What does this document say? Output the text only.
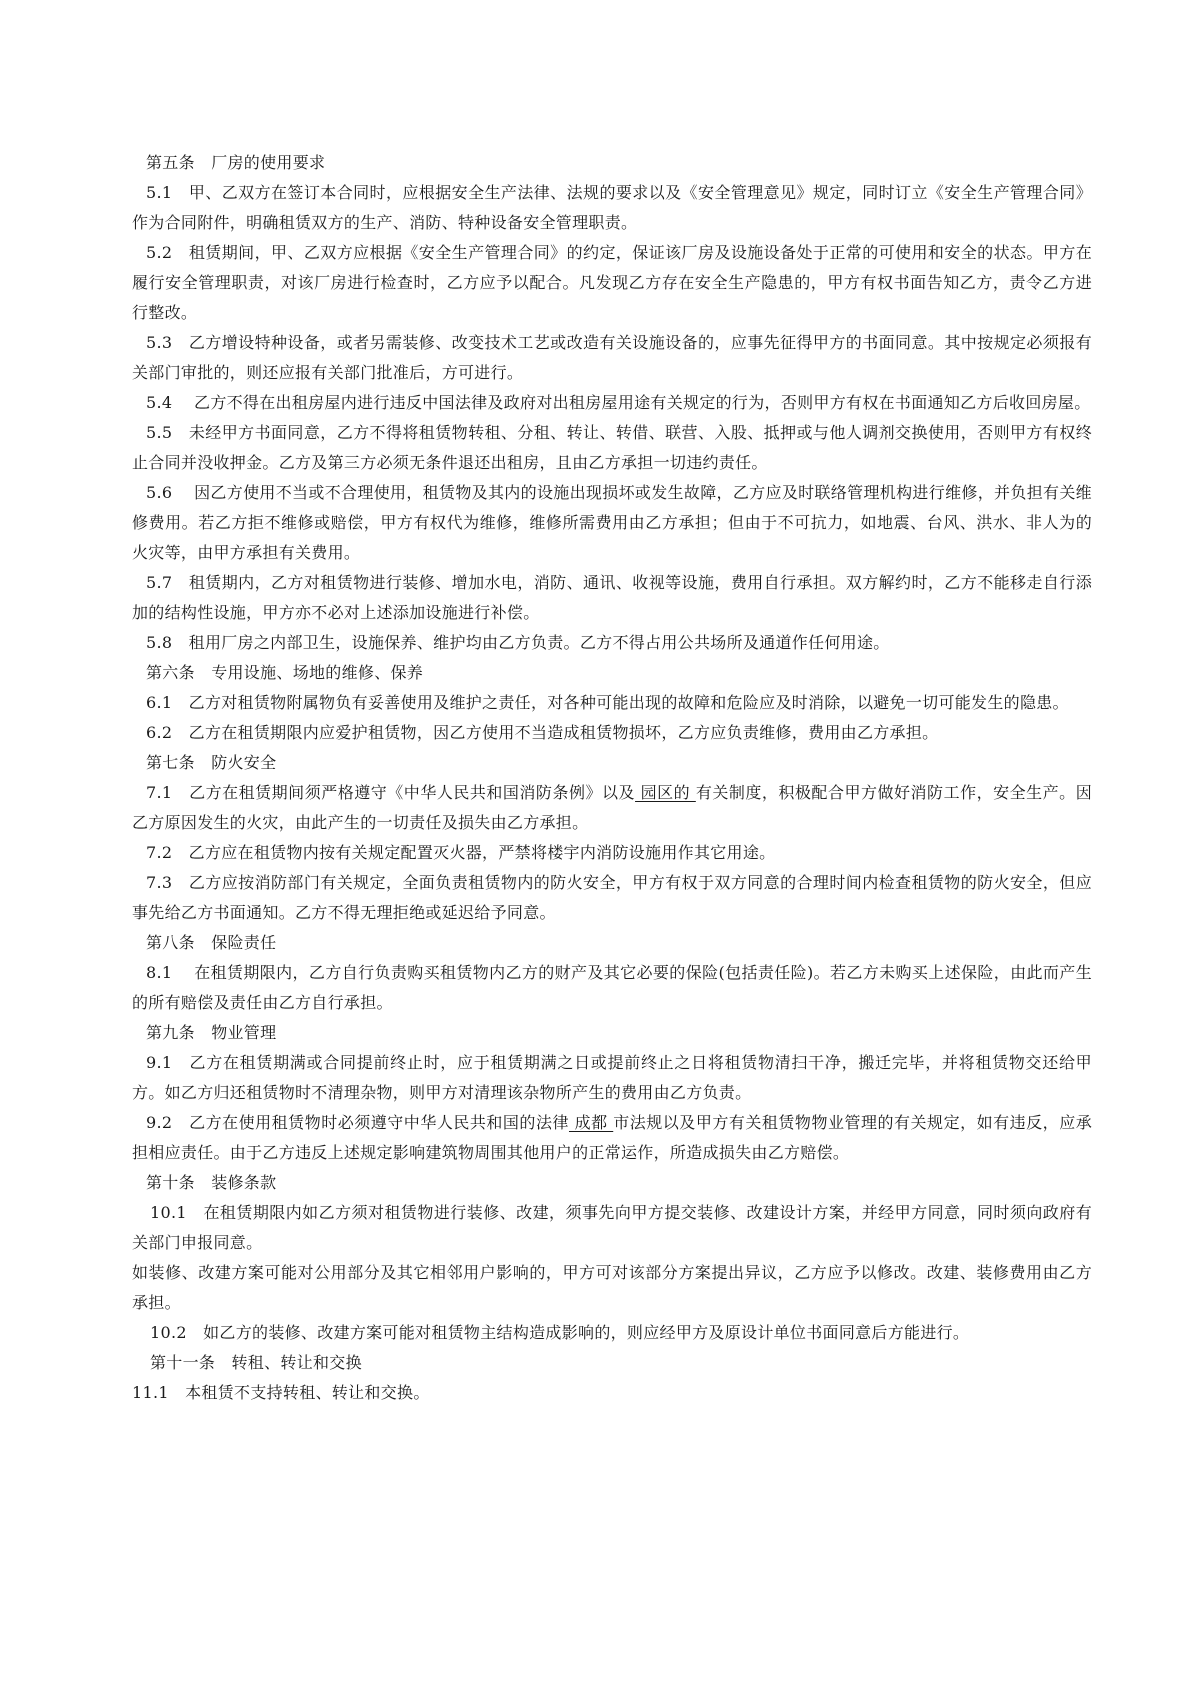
第五条　厂房的使用要求

5.1　甲、乙双方在签订本合同时，应根据安全生产法律、法规的要求以及《安全管理意见》规定，同时订立《安全生产管理合同》作为合同附件，明确租赁双方的生产、消防、特种设备安全管理职责。

5.2　租赁期间，甲、乙双方应根据《安全生产管理合同》的约定，保证该厂房及设施设备处于正常的可使用和安全的状态。甲方在履行安全管理职责，对该厂房进行检查时，乙方应予以配合。凡发现乙方存在安全生产隐患的，甲方有权书面告知乙方，责令乙方进行整改。

5.3　乙方增设特种设备，或者另需装修、改变技术工艺或改造有关设施设备的，应事先征得甲方的书面同意。其中按规定必须报有关部门审批的，则还应报有关部门批准后，方可进行。

5.4　 乙方不得在出租房屋内进行违反中国法律及政府对出租房屋用途有关规定的行为，否则甲方有权在书面通知乙方后收回房屋。

5.5　未经甲方书面同意，乙方不得将租赁物转租、分租、转让、转借、联营、入股、抵押或与他人调剂交换使用，否则甲方有权终止合同并没收押金。乙方及第三方必须无条件退还出租房，且由乙方承担一切违约责任。

5.6　 因乙方使用不当或不合理使用，租赁物及其内的设施出现损坏或发生故障，乙方应及时联络管理机构进行维修，并负担有关维修费用。若乙方拒不维修或赔偿，甲方有权代为维修，维修所需费用由乙方承担；但由于不可抗力，如地震、台风、洪水、非人为的火灾等，由甲方承担有关费用。

5.7　租赁期内，乙方对租赁物进行装修、增加水电，消防、通讯、收视等设施，费用自行承担。双方解约时，乙方不能移走自行添加的结构性设施，甲方亦不必对上述添加设施进行补偿。

5.8　租用厂房之内部卫生，设施保养、维护均由乙方负责。乙方不得占用公共场所及通道作任何用途。

第六条　专用设施、场地的维修、保养

6.1　乙方对租赁物附属物负有妥善使用及维护之责任，对各种可能出现的故障和危险应及时消除，以避免一切可能发生的隐患。

6.2　乙方在租赁期限内应爱护租赁物，因乙方使用不当造成租赁物损坏，乙方应负责维修，费用由乙方承担。

第七条　防火安全

7.1　乙方在租赁期间须严格遵守《中华人民共和国消防条例》以及 园区的 有关制度，积极配合甲方做好消防工作，安全生产。因乙方原因发生的火灾，由此产生的一切责任及损失由乙方承担。

7.2　乙方应在租赁物内按有关规定配置灭火器，严禁将楼宇内消防设施用作其它用途。

7.3　乙方应按消防部门有关规定，全面负责租赁物内的防火安全，甲方有权于双方同意的合理时间内检查租赁物的防火安全，但应事先给乙方书面通知。乙方不得无理拒绝或延迟给予同意。

第八条　保险责任

8.1　 在租赁期限内，乙方自行负责购买租赁物内乙方的财产及其它必要的保险(包括责任险)。若乙方未购买上述保险，由此而产生的所有赔偿及责任由乙方自行承担。

第九条　物业管理

9.1　乙方在租赁期满或合同提前终止时，应于租赁期满之日或提前终止之日将租赁物清扫干净，搬迁完毕，并将租赁物交还给甲方。如乙方归还租赁物时不清理杂物，则甲方对清理该杂物所产生的费用由乙方负责。

9.2　乙方在使用租赁物时必须遵守中华人民共和国的法律 成都 市法规以及甲方有关租赁物物业管理的有关规定，如有违反，应承担相应责任。由于乙方违反上述规定影响建筑物周围其他用户的正常运作，所造成损失由乙方赔偿。

第十条　装修条款

10.1　在租赁期限内如乙方须对租赁物进行装修、改建，须事先向甲方提交装修、改建设计方案，并经甲方同意，同时须向政府有关部门申报同意。

如装修、改建方案可能对公用部分及其它相邻用户影响的，甲方可对该部分方案提出异议，乙方应予以修改。改建、装修费用由乙方承担。

10.2　如乙方的装修、改建方案可能对租赁物主结构造成影响的，则应经甲方及原设计单位书面同意后方能进行。

第十一条　转租、转让和交换

11.1　本租赁不支持转租、转让和交换。
